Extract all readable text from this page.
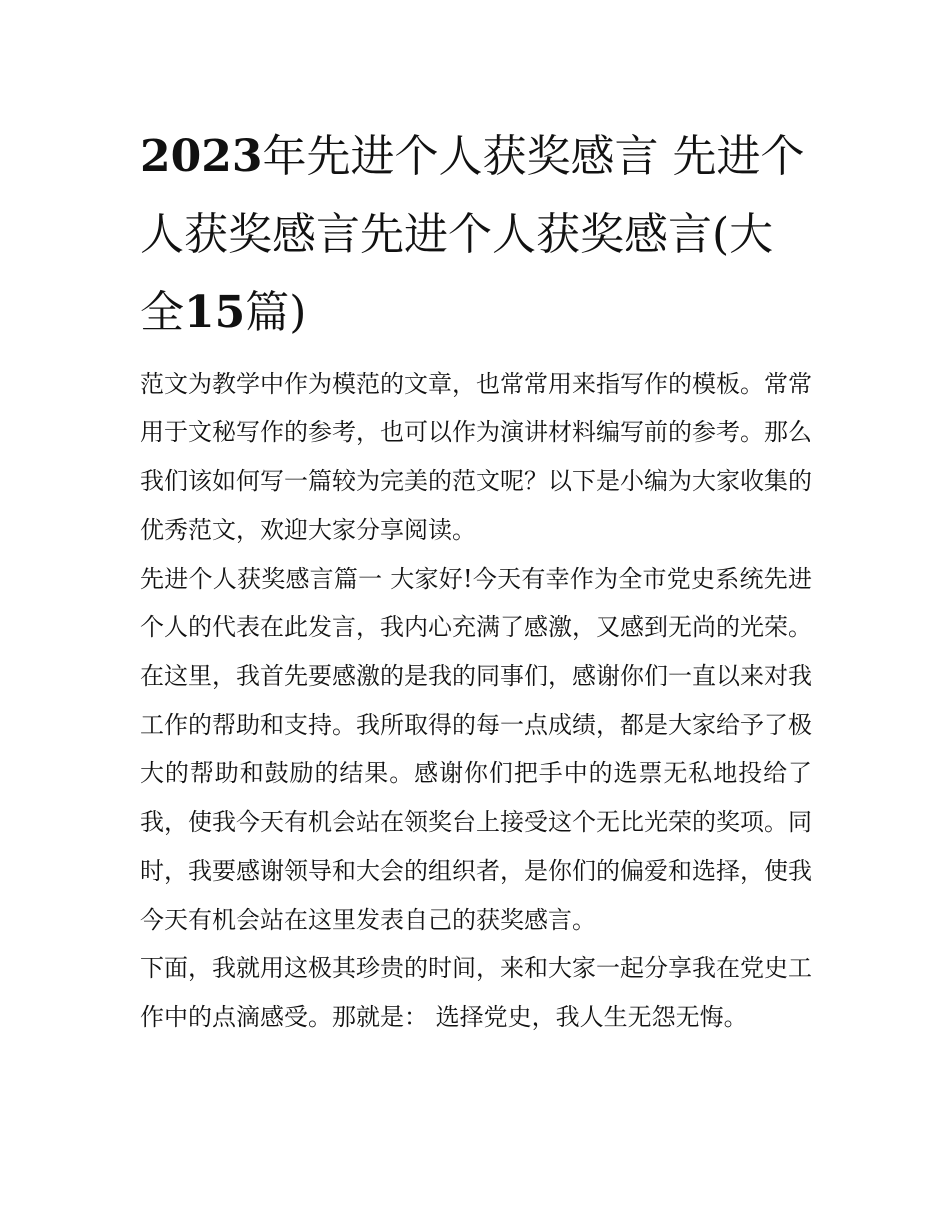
2023年先进个人获奖感言 先进个人获奖感言先进个人获奖感言(大全15篇)

范文为教学中作为模范的文章，也常常用来指写作的模板。常常用于文秘写作的参考，也可以作为演讲材料编写前的参考。那么我们该如何写一篇较为完美的范文呢？以下是小编为大家收集的优秀范文，欢迎大家分享阅读。

先进个人获奖感言篇一 大家好!今天有幸作为全市党史系统先进个人的代表在此发言，我内心充满了感激，又感到无尚的光荣。

在这里，我首先要感激的是我的同事们，感谢你们一直以来对我工作的帮助和支持。我所取得的每一点成绩，都是大家给予了极大的帮助和鼓励的结果。感谢你们把手中的选票无私地投给了我，使我今天有机会站在领奖台上接受这个无比光荣的奖项。同时，我要感谢领导和大会的组织者，是你们的偏爱和选择，使我今天有机会站在这里发表自己的获奖感言。

下面，我就用这极其珍贵的时间，来和大家一起分享我在党史工作中的点滴感受。那就是： 选择党史，我人生无怨无悔。
